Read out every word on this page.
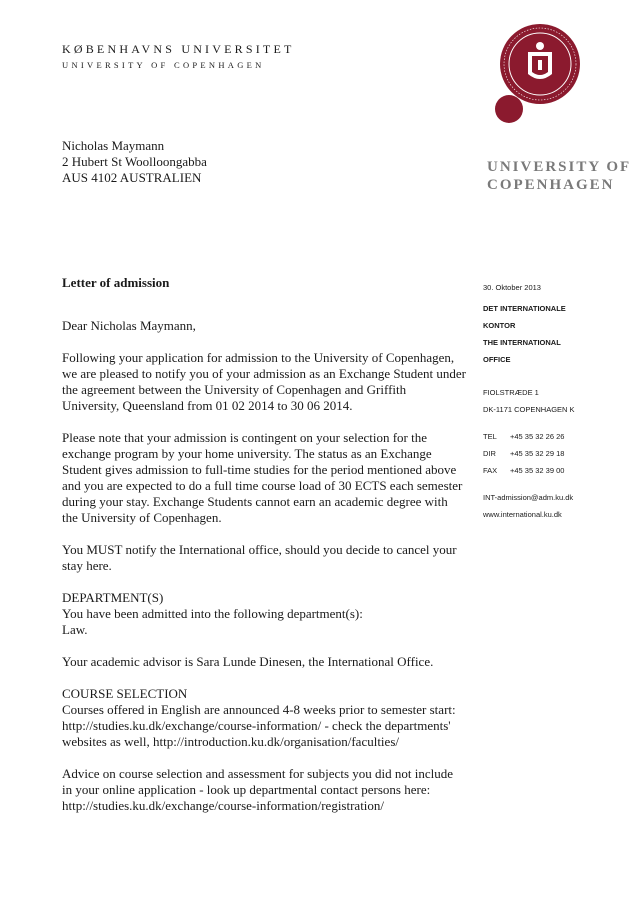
KØBENHAVNS UNIVERSITET
UNIVERSITY OF COPENHAGEN
UNIVERSITY OF
COPENHAGEN
Nicholas Maymann
2 Hubert St Woolloongabba
AUS 4102 AUSTRALIEN
Letter of admission

Dear Nicholas Maymann,

Following your application for admission to the University of Copenhagen, we are pleased to notify you of your admission as an Exchange Student under the agreement between the University of Copenhagen and Griffith University, Queensland from 01 02 2014 to 30 06 2014.

Please note that your admission is contingent on your selection for the exchange program by your home university. The status as an Exchange Student gives admission to full-time studies for the period mentioned above and you are expected to do a full time course load of 30 ECTS each semester during your stay. Exchange Students cannot earn an academic degree with the University of Copenhagen.

You MUST notify the International office, should you decide to cancel your stay here.

DEPARTMENT(S)
You have been admitted into the following department(s):
Law.

Your academic advisor is Sara Lunde Dinesen, the International Office.

COURSE SELECTION
Courses offered in English are announced 4-8 weeks prior to semester start: http://studies.ku.dk/exchange/course-information/ - check the departments' websites as well, http://introduction.ku.dk/organisation/faculties/

Advice on course selection and assessment for subjects you did not include in your online application - look up departmental contact persons here: http://studies.ku.dk/exchange/course-information/registration/

30. Oktober 2013
DET INTERNATIONALE
KONTOR
THE INTERNATIONAL
OFFICE
FIOLSTRÆDE 1
DK-1171 COPENHAGEN K
TEL	+45 35 32 26 26
DIR	+45 35 32 29 18
FAX	+45 35 32 39 00
INT-admission@adm.ku.dk
www.international.ku.dk
